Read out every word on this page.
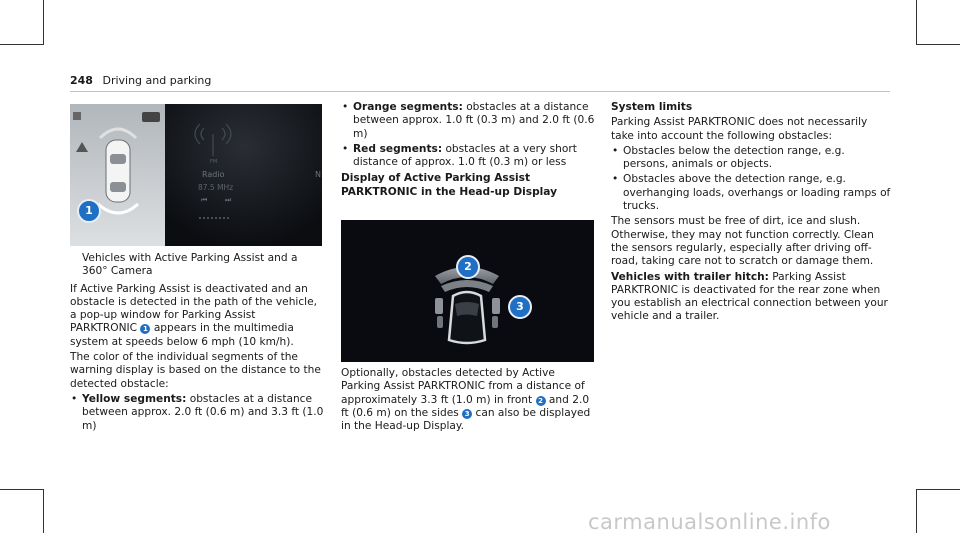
248 Driving and parking
FM
Radio
87.5 MHz
N
⏮	⏭
1

Vehicles with Active Parking Assist and a 360° Camera

If Active Parking Assist is deactivated and an obstacle is detected in the path of the vehicle, a pop-up window for Parking Assist PARKTRONIC 1 appears in the multimedia system at speeds below 6 mph (10 km/h).

The color of the individual segments of the warning display is based on the distance to the detected obstacle:

• Yellow segments: obstacles at a distance between approx. 2.0 ft (0.6 m) and 3.3 ft (1.0 m)
• Orange segments: obstacles at a distance between approx. 1.0 ft (0.3 m) and 2.0 ft (0.6 m)
• Red segments: obstacles at a very short distance of approx. 1.0 ft (0.3 m) or less
Display of Active Parking Assist PARKTRONIC in the Head-up Display
2
3

Optionally, obstacles detected by Active Parking Assist PARKTRONIC from a distance of approximately 3.3 ft (1.0 m) in front 2 and 2.0 ft (0.6 m) on the sides 3 can also be displayed in the Head-up Display.

System limits

Parking Assist PARKTRONIC does not necessarily take into account the following obstacles:

• Obstacles below the detection range, e.g. persons, animals or objects.
• Obstacles above the detection range, e.g. overhanging loads, overhangs or loading ramps of trucks.

The sensors must be free of dirt, ice and slush. Otherwise, they may not function correctly. Clean the sensors regularly, especially after driving off-road, taking care not to scratch or damage them.

Vehicles with trailer hitch: Parking Assist PARKTRONIC is deactivated for the rear zone when you establish an electrical connection between your vehicle and a trailer.

carmanualsonline.info
